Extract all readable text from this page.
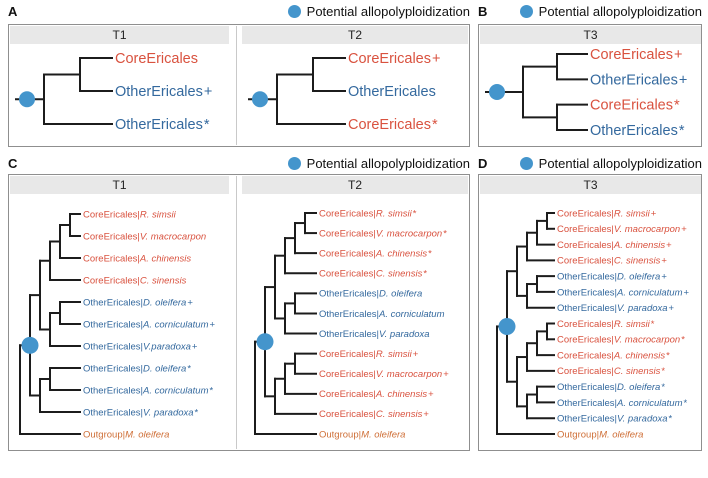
A	Potential allopolyploidization B	Potential allopolyploidization
T1	T2
CoreEricales
OtherEricales+
OtherEricales*
CoreEricales+
OtherEricales
CoreEricales*
T3
CoreEricales+
OtherEricales+
CoreEricales*
OtherEricales*
C	Potential allopolyploidization D	Potential allopolyploidization
T1	T2
CoreEricales|R. simsii
CoreEricales|V. macrocarpon
CoreEricales|A. chinensis
CoreEricales|C. sinensis
OtherEricales|D. oleifera+
OtherEricales|A. corniculatum+
OtherEricales|V.paradoxa+
OtherEricales|D. oleifera*
OtherEricales|A. corniculatum*
OtherEricales|V. paradoxa*
Outgroup|M. oleifera
CoreEricales|R. simsii*
CoreEricales|V. macrocarpon*
CoreEricales|A. chinensis*
CoreEricales|C. sinensis*
OtherEricales|D. oleifera
OtherEricales|A. corniculatum
OtherEricales|V. paradoxa
CoreEricales|R. simsii+
CoreEricales|V. macrocarpon+
CoreEricales|A. chinensis+
CoreEricales|C. sinensis+
Outgroup|M. oleifera
T3
CoreEricales|R. simsii+
CoreEricales|V. macrocarpon+
CoreEricales|A. chinensis+
CoreEricales|C. sinensis+
OtherEricales|D. oleifera+
OtherEricales|A. corniculatum+
OtherEricales|V. paradoxa+
CoreEricales|R. simsii*
CoreEricales|V. macrocarpon*
CoreEricales|A. chinensis*
CoreEricales|C. sinensis*
OtherEricales|D. oleifera*
OtherEricales|A. corniculatum*
OtherEricales|V. paradoxa*
Outgroup|M. oleifera
